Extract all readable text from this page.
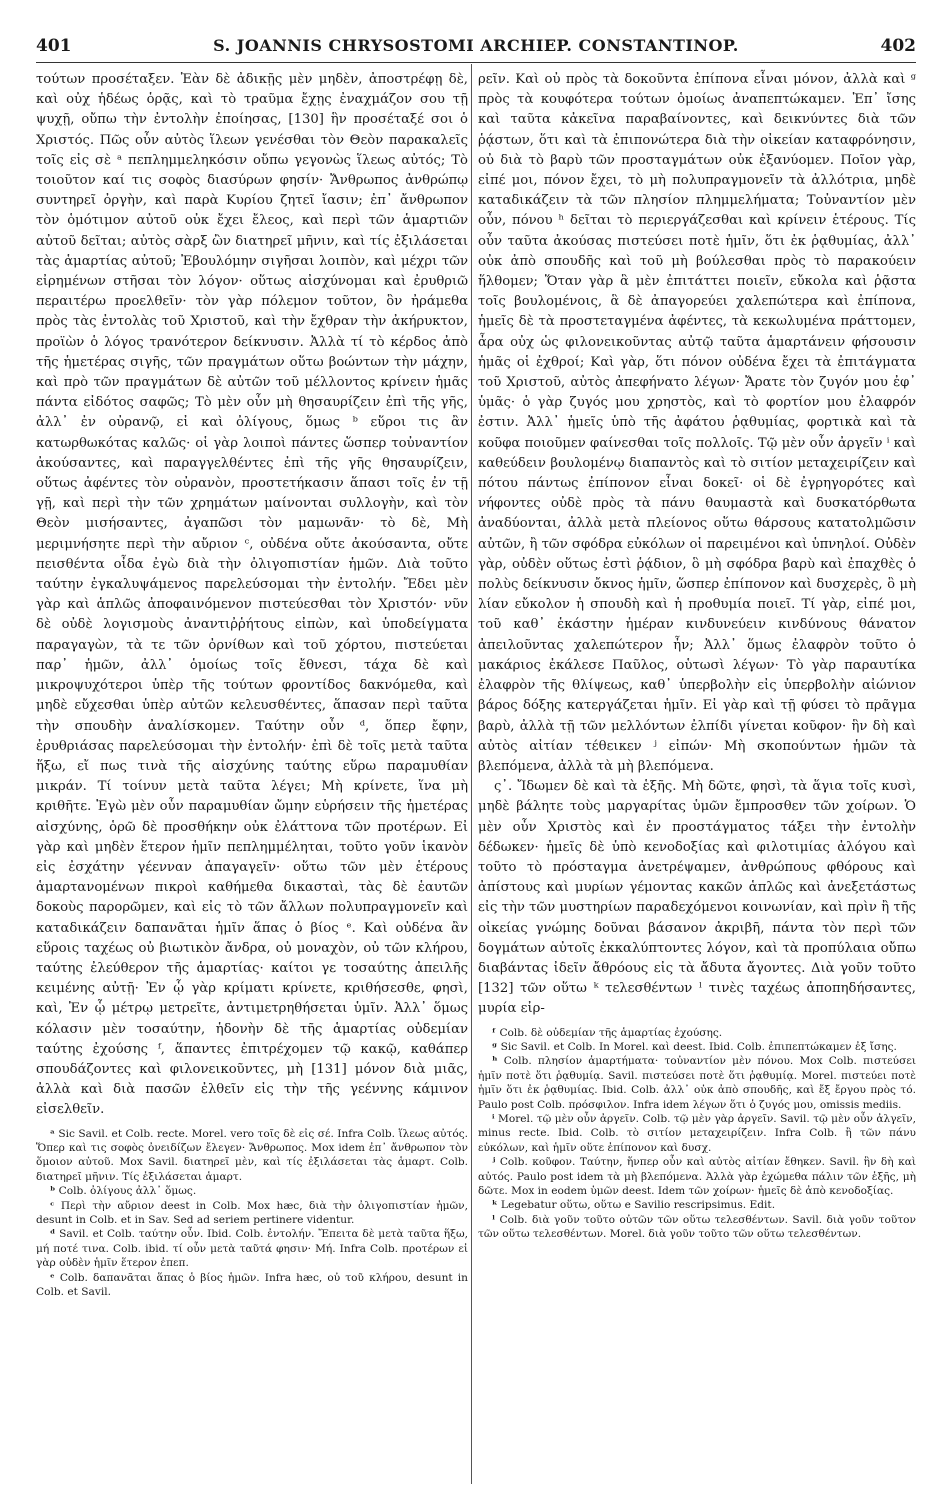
401	S. JOANNIS CHRYSOSTOMI ARCHIEP. CONSTANTINOP.	402

τούτων προσέταξεν. Ἐὰν δὲ ἀδικῇς μὲν μηδὲν, ἀποστρέφῃ δὲ, καὶ οὐχ ἡδέως ὁρᾷς, καὶ τὸ τραῦμα ἔχῃς ἐναχμάζον σου τῇ ψυχῇ, οὔπω τὴν ἐντολὴν ἐποίησας, [130] ἣν προσέταξέ σοι ὁ Χριστός. Πῶς οὖν αὐτὸς ἵλεων γενέσθαι τὸν Θεὸν παρακαλεῖς τοῖς εἰς σὲ ᵃ πεπλημμεληκόσιν οὔπω γεγονὼς ἵλεως αὐτός; Τὸ τοιοῦτον καί τις σοφὸς διασύρων φησίν· Ἄνθρωπος ἀνθρώπῳ συντηρεῖ ὀργὴν, καὶ παρὰ Κυρίου ζητεῖ ἴασιν; ἐπ᾽ ἄνθρωπον τὸν ὁμότιμον αὐτοῦ οὐκ ἔχει ἔλεος, καὶ περὶ τῶν ἁμαρτιῶν αὐτοῦ δεῖται; αὐτὸς σὰρξ ὢν διατηρεῖ μῆνιν, καὶ τίς ἐξιλάσεται τὰς ἁμαρτίας αὐτοῦ; Ἐβουλόμην σιγῆσαι λοιπὸν, καὶ μέχρι τῶν εἰρημένων στῆσαι τὸν λόγον· οὕτως αἰσχύνομαι καὶ ἐρυθριῶ περαιτέρω προελθεῖν· τὸν γὰρ πόλεμον τοῦτον, ὃν ἠράμεθα πρὸς τὰς ἐντολὰς τοῦ Χριστοῦ, καὶ τὴν ἔχθραν τὴν ἀκήρυκτον, προϊὼν ὁ λόγος τρανότερον δείκνυσιν. Ἀλλὰ τί τὸ κέρδος ἀπὸ τῆς ἡμετέρας σιγῆς, τῶν πραγμάτων οὕτω βοώντων τὴν μάχην, καὶ πρὸ τῶν πραγμάτων δὲ αὐτῶν τοῦ μέλλοντος κρίνειν ἡμᾶς πάντα εἰδότος σαφῶς; Τὸ μὲν οὖν μὴ θησαυρίζειν ἐπὶ τῆς γῆς, ἀλλ᾽ ἐν οὐρανῷ, εἰ καὶ ὀλίγους, ὅμως ᵇ εὕροι τις ἂν κατωρθωκότας καλῶς· οἱ γὰρ λοιποὶ πάντες ὥσπερ τοὐναντίον ἀκούσαντες, καὶ παραγγελθέντες ἐπὶ τῆς γῆς θησαυρίζειν, οὕτως ἀφέντες τὸν οὐρανὸν, προστετήκασιν ἅπασι τοῖς ἐν τῇ γῇ, καὶ περὶ τὴν τῶν χρημάτων μαίνονται συλλογὴν, καὶ τὸν Θεὸν μισήσαντες, ἀγαπῶσι τὸν μαμωνᾶν· τὸ δὲ, Μὴ μεριμνήσητε περὶ τὴν αὔριον ᶜ, οὐδένα οὔτε ἀκούσαντα, οὔτε πεισθέντα οἶδα ἐγὼ διὰ τὴν ὀλιγοπιστίαν ἡμῶν. Διὰ τοῦτο ταύτην ἐγκαλυψάμενος παρελεύσομαι τὴν ἐντολήν. Ἔδει μὲν γὰρ καὶ ἁπλῶς ἀποφαινόμενον πιστεύεσθαι τὸν Χριστόν· νῦν δὲ οὐδὲ λογισμοὺς ἀναντιῤῥήτους εἰπὼν, καὶ ὑποδείγματα παραγαγὼν, τὰ τε τῶν ὀρνίθων καὶ τοῦ χόρτου, πιστεύεται παρ᾽ ἡμῶν, ἀλλ᾽ ὁμοίως τοῖς ἔθνεσι, τάχα δὲ καὶ μικροψυχότεροι ὑπὲρ τῆς τούτων φροντίδος δακνόμεθα, καὶ μηδὲ εὔχεσθαι ὑπὲρ αὐτῶν κελευσθέντες, ἅπασαν περὶ ταῦτα τὴν σπουδὴν ἀναλίσκομεν. Ταύτην οὖν ᵈ, ὅπερ ἔφην, ἐρυθριάσας παρελεύσομαι τὴν ἐντολήν· ἐπὶ δὲ τοῖς μετὰ ταῦτα ἥξω, εἴ πως τινὰ τῆς αἰσχύνης ταύτης εὕρω παραμυθίαν μικράν. Τί τοίνυν μετὰ ταῦτα λέγει; Μὴ κρίνετε, ἵνα μὴ κριθῆτε. Ἐγὼ μὲν οὖν παραμυθίαν ὤμην εὑρήσειν τῆς ἡμετέρας αἰσχύνης, ὁρῶ δὲ προσθήκην οὐκ ἐλάττονα τῶν προτέρων. Εἰ γὰρ καὶ μηδὲν ἕτερον ἡμῖν πεπλημμέληται, τοῦτο γοῦν ἱκανὸν εἰς ἐσχάτην γέενναν ἀπαγαγεῖν· οὕτω τῶν μὲν ἑτέρους ἁμαρτανομένων πικροὶ καθήμεθα δικασταὶ, τὰς δὲ ἑαυτῶν δοκοὺς παρορῶμεν, καὶ εἰς τὸ τῶν ἄλλων πολυπραγμονεῖν καὶ καταδικάζειν δαπανᾶται ἡμῖν ἅπας ὁ βίος ᵉ. Καὶ οὐδένα ἂν εὕροις ταχέως οὐ βιωτικὸν ἄνδρα, οὐ μοναχὸν, οὐ τῶν κλήρου, ταύτης ἐλεύθερον τῆς ἁμαρτίας· καίτοι γε τοσαύτης ἀπειλῆς κειμένης αὐτῇ· Ἐν ᾧ γὰρ κρίματι κρίνετε, κριθήσεσθε, φησὶ, καὶ, Ἐν ᾧ μέτρῳ μετρεῖτε, ἀντιμετρηθήσεται ὑμῖν. Ἀλλ᾽ ὅμως κόλασιν μὲν τοσαύτην, ἡδονὴν δὲ τῆς ἁμαρτίας οὐδεμίαν ταύτης ἐχούσης ᶠ, ἅπαντες ἐπιτρέχομεν τῷ κακῷ, καθάπερ σπουδάζοντες καὶ φιλονεικοῦντες, μὴ [131] μόνον διὰ μιᾶς, ἀλλὰ καὶ διὰ πασῶν ἐλθεῖν εἰς τὴν τῆς γεέννης κάμινον εἰσελθεῖν.

ᵃ Sic Savil. et Colb. recte. Morel. vero τοῖς δὲ εἰς σέ. Infra Colb. ἵλεως αὐτός. Ὅπερ καὶ τις σοφὸς ὀνειδίζων ἔλεγεν· Ἄνθρωπος. Mox idem ἐπ᾽ ἄνθρωπον τὸν ὅμοιον αὐτοῦ. Mox Savil. διατηρεῖ μὲν, καὶ τίς ἐξιλάσεται τὰς ἁμαρτ. Colb. διατηρεῖ μῆνιν. Τίς ἐξιλάσεται ἁμαρτ.

ᵇ Colb. ὀλίγους ἀλλ᾽ ὅμως.

ᶜ Περὶ τὴν αὔριον deest in Colb. Mox hæc, διὰ τὴν ὀλιγοπιστίαν ἡμῶν, desunt in Colb. et in Sav. Sed ad seriem pertinere videntur.

ᵈ Savil. et Colb. ταύτην οὖν. Ibid. Colb. ἐντολήν. Ἔπειτα δὲ μετὰ ταῦτα ἥξω, μή ποτέ τινα. Colb. ibid. τί οὖν μετὰ ταῦτά φησιν· Μή. Infra Colb. προτέρων εἰ γὰρ οὐδὲν ἡμῖν ἕτερον ἐπεπ.

ᵉ Colb. δαπανᾶται ἅπας ὁ βίος ἡμῶν. Infra hæc, οὐ τοῦ κλήρου, desunt in Colb. et Savil.

ρεῖν. Καὶ οὐ πρὸς τὰ δοκοῦντα ἐπίπονα εἶναι μόνον, ἀλλὰ καὶ ᵍ πρὸς τὰ κουφότερα τούτων ὁμοίως ἀναπεπτώκαμεν. Ἐπ᾽ ἴσης καὶ ταῦτα κἀκεῖνα παραβαίνοντες, καὶ δεικνύντες διὰ τῶν ῥᾴστων, ὅτι καὶ τὰ ἐπιπονώτερα διὰ τὴν οἰκείαν καταφρόνησιν, οὐ διὰ τὸ βαρὺ τῶν προσταγμάτων οὐκ ἐξανύομεν. Ποῖον γὰρ, εἰπέ μοι, πόνον ἔχει, τὸ μὴ πολυπραγμονεῖν τὰ ἀλλότρια, μηδὲ καταδικάζειν τὰ τῶν πλησίον πλημμελήματα; Τοὐναντίον μὲν οὖν, πόνου ʰ δεῖται τὸ περιεργάζεσθαι καὶ κρίνειν ἑτέρους. Τίς οὖν ταῦτα ἀκούσας πιστεύσει ποτὲ ἡμῖν, ὅτι ἐκ ῥᾳθυμίας, ἀλλ᾽ οὐκ ἀπὸ σπουδῆς καὶ τοῦ μὴ βούλεσθαι πρὸς τὸ παρακούειν ἥλθομεν; Ὅταν γὰρ ἃ μὲν ἐπιτάττει ποιεῖν, εὔκολα καὶ ῥᾷστα τοῖς βουλομένοις, ἃ δὲ ἀπαγορεύει χαλεπώτερα καὶ ἐπίπονα, ἡμεῖς δὲ τὰ προστεταγμένα ἀφέντες, τὰ κεκωλυμένα πράττομεν, ἆρα οὐχ ὡς φιλονεικοῦντας αὐτῷ ταῦτα ἁμαρτάνειν φήσουσιν ἡμᾶς οἱ ἐχθροί; Καὶ γὰρ, ὅτι πόνον οὐδένα ἔχει τὰ ἐπιτάγματα τοῦ Χριστοῦ, αὐτὸς ἀπεφήνατο λέγων· Ἄρατε τὸν ζυγόν μου ἐφ᾽ ὑμᾶς· ὁ γὰρ ζυγός μου χρηστὸς, καὶ τὸ φορτίον μου ἐλαφρόν ἐστιν. Ἀλλ᾽ ἡμεῖς ὑπὸ τῆς ἀφάτου ῥᾳθυμίας, φορτικὰ καὶ τὰ κοῦφα ποιοῦμεν φαίνεσθαι τοῖς πολλοῖς. Τῷ μὲν οὖν ἀργεῖν ⁱ καὶ καθεύδειν βουλομένῳ διαπαντὸς καὶ τὸ σιτίον μεταχειρίζειν καὶ πότου πάντως ἐπίπονον εἶναι δοκεῖ· οἱ δὲ ἐγρηγορότες καὶ νήφοντες οὐδὲ πρὸς τὰ πάνυ θαυμαστὰ καὶ δυσκατόρθωτα ἀναδύονται, ἀλλὰ μετὰ πλείονος οὕτω θάρσους κατατολμῶσιν αὐτῶν, ἢ τῶν σφόδρα εὐκόλων οἱ παρειμένοι καὶ ὑπνηλοί. Οὐδὲν γὰρ, οὐδὲν οὕτως ἐστὶ ῥᾴδιον, ὃ μὴ σφόδρα βαρὺ καὶ ἐπαχθὲς ὁ πολὺς δείκνυσιν ὄκνος ἡμῖν, ὥσπερ ἐπίπονον καὶ δυσχερὲς, ὃ μὴ λίαν εὔκολον ἡ σπουδὴ καὶ ἡ προθυμία ποιεῖ. Τί γὰρ, εἰπέ μοι, τοῦ καθ᾽ ἑκάστην ἡμέραν κινδυνεύειν κινδύνους θάνατον ἀπειλοῦντας χαλεπώτερον ἦν; Ἀλλ᾽ ὅμως ἐλαφρὸν τοῦτο ὁ μακάριος ἐκάλεσε Παῦλος, οὑτωσὶ λέγων· Τὸ γὰρ παραυτίκα ἐλαφρὸν τῆς θλίψεως, καθ᾽ ὑπερβολὴν εἰς ὑπερβολὴν αἰώνιον βάρος δόξης κατεργάζεται ἡμῖν. Εἰ γὰρ καὶ τῇ φύσει τὸ πρᾶγμα βαρὺ, ἀλλὰ τῇ τῶν μελλόντων ἐλπίδι γίνεται κοῦφον· ἣν δὴ καὶ αὐτὸς αἰτίαν τέθεικεν ʲ εἰπών· Μὴ σκοπούντων ἡμῶν τὰ βλεπόμενα, ἀλλὰ τὰ μὴ βλεπόμενα.

ς᾽. Ἴδωμεν δὲ καὶ τὰ ἑξῆς. Μὴ δῶτε, φησὶ, τὰ ἅγια τοῖς κυσὶ, μηδὲ βάλητε τοὺς μαργαρίτας ὑμῶν ἔμπροσθεν τῶν χοίρων. Ὁ μὲν οὖν Χριστὸς καὶ ἐν προστάγματος τάξει τὴν ἐντολὴν δέδωκεν· ἡμεῖς δὲ ὑπὸ κενοδοξίας καὶ φιλοτιμίας ἀλόγου καὶ τοῦτο τὸ πρόσταγμα ἀνετρέψαμεν, ἀνθρώπους φθόρους καὶ ἀπίστους καὶ μυρίων γέμοντας κακῶν ἁπλῶς καὶ ἀνεξετάστως εἰς τὴν τῶν μυστηρίων παραδεχόμενοι κοινωνίαν, καὶ πρὶν ἢ τῆς οἰκείας γνώμης δοῦναι βάσανον ἀκριβῆ, πάντα τὸν περὶ τῶν δογμάτων αὐτοῖς ἐκκαλύπτοντες λόγον, καὶ τὰ προπύλαια οὔπω διαβάντας ἰδεῖν ἄθρόους εἰς τὰ ἄδυτα ἄγοντες. Διὰ γοῦν τοῦτο [132] τῶν οὕτω ᵏ τελεσθέντων ˡ τινὲς ταχέως ἀποπηδήσαντες, μυρία εἰρ-

ᶠ Colb. δὲ οὐδεμίαν τῆς ἁμαρτίας ἐχούσης.

ᵍ Sic Savil. et Colb. In Morel. καὶ deest. Ibid. Colb. ἐπιπεπτώκαμεν ἐξ ἴσης.

ʰ Colb. πλησίον ἁμαρτήματα· τοὐναντίον μὲν πόνου. Mox Colb. πιστεύσει ἡμῖν ποτὲ ὅτι ῥᾳθυμίᾳ. Savil. πιστεύσει ποτὲ ὅτι ῥᾳθυμίᾳ. Morel. πιστεύει ποτὲ ἡμῖν ὅτι ἐκ ῥᾳθυμίας. Ibid. Colb. ἀλλ᾽ οὐκ ἀπὸ σπουδῆς, καὶ ἔξ ἔργου πρὸς τό. Paulo post Colb. πρόσφιλον. Infra idem λέγων ὅτι ὁ ζυγός μου, omissis mediis.

ⁱ Morel. τῷ μὲν οὖν ἀργεῖν. Colb. τῷ μὲν γὰρ ἀργεῖν. Savil. τῷ μὲν οὖν ἀλγεῖν, minus recte. Ibid. Colb. τὸ σιτίον μεταχειρίζειν. Infra Colb. ἢ τῶν πάνυ εὐκόλων, καὶ ἡμῖν οὕτε ἐπίπονον καὶ δυσχ.

ʲ Colb. κοῦφον. Ταύτην, ἥνπερ οὖν καὶ αὐτὸς αἰτίαν ἔθηκεν. Savil. ἣν δὴ καὶ αὐτός. Paulo post idem τὰ μὴ βλεπόμενα. Ἀλλὰ γὰρ ἐχώμεθα πάλιν τῶν ἑξῆς, μὴ δῶτε. Mox in eodem ὑμῶν deest. Idem τῶν χοίρων· ἡμεῖς δὲ ἀπὸ κενοδοξίας.

ᵏ Legebatur οὕτω, οὕτω e Savilio rescripsimus. Edit.

ˡ Colb. διὰ γοῦν τοῦτο οὐτῶν τῶν οὕτω τελεσθέντων. Savil. διὰ γοῦν τοῦτον τῶν οὕτω τελεσθέντων. Morel. διὰ γοῦν τοῦτο τῶν οὕτω τελεσθέντων.
